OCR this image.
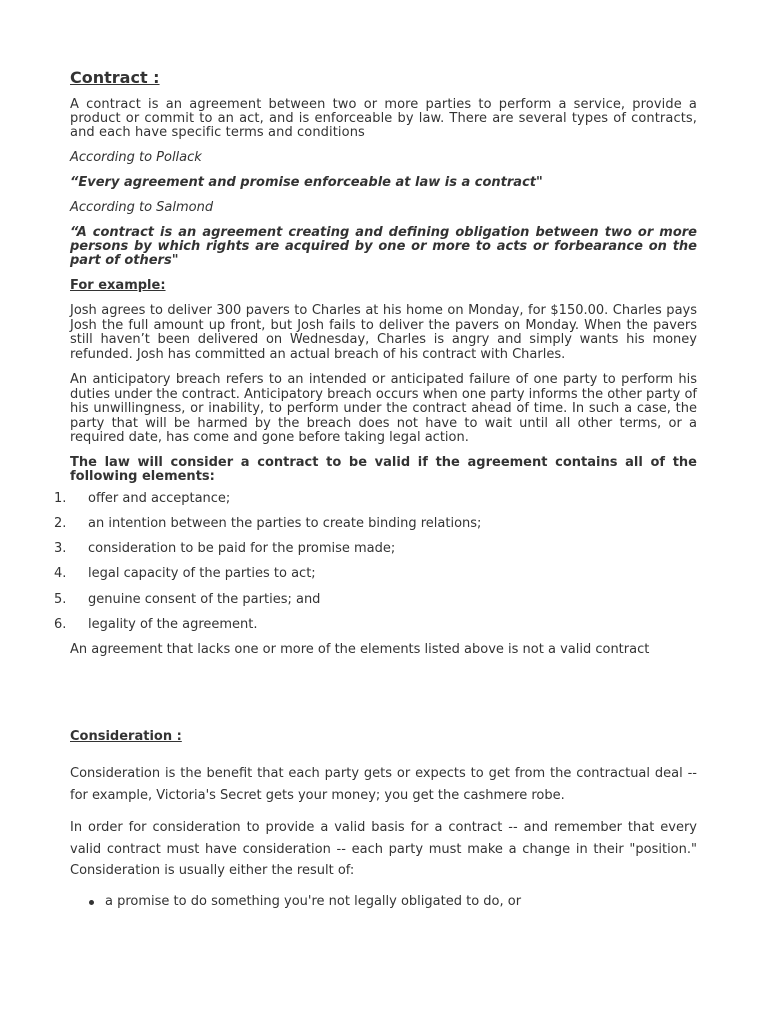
Contract :

A contract is an agreement between two or more parties to perform a service, provide a product or commit to an act, and is enforceable by law. There are several types of contracts, and each have specific terms and conditions

According to Pollack

“Every agreement and promise enforceable at law is a contract"

According to Salmond

“A contract is an agreement creating and defining obligation between two or more persons by which rights are acquired by one or more to acts or forbearance on the part of others"

For example:

Josh agrees to deliver 300 pavers to Charles at his home on Monday, for $150.00. Charles pays Josh the full amount up front, but Josh fails to deliver the pavers on Monday. When the pavers still haven’t been delivered on Wednesday, Charles is angry and simply wants his money refunded. Josh has committed an actual breach of his contract with Charles.

An anticipatory breach refers to an intended or anticipated failure of one party to perform his duties under the contract. Anticipatory breach occurs when one party informs the other party of his unwillingness, or inability, to perform under the contract ahead of time. In such a case, the party that will be harmed by the breach does not have to wait until all other terms, or a required date, has come and gone before taking legal action.

The law will consider a contract to be valid if the agreement contains all of the following elements:

1.	offer and acceptance;
2.	an intention between the parties to create binding relations;
3.	consideration to be paid for the promise made;
4.	legal capacity of the parties to act;
5.	genuine consent of the parties; and
6.	legality of the agreement.

An agreement that lacks one or more of the elements listed above is not a valid contract

Consideration :

Consideration is the benefit that each party gets or expects to get from the contractual deal -- for example, Victoria's Secret gets your money; you get the cashmere robe.

In order for consideration to provide a valid basis for a contract -- and remember that every valid contract must have consideration -- each party must make a change in their "position." Consideration is usually either the result of:

a promise to do something you're not legally obligated to do, or
